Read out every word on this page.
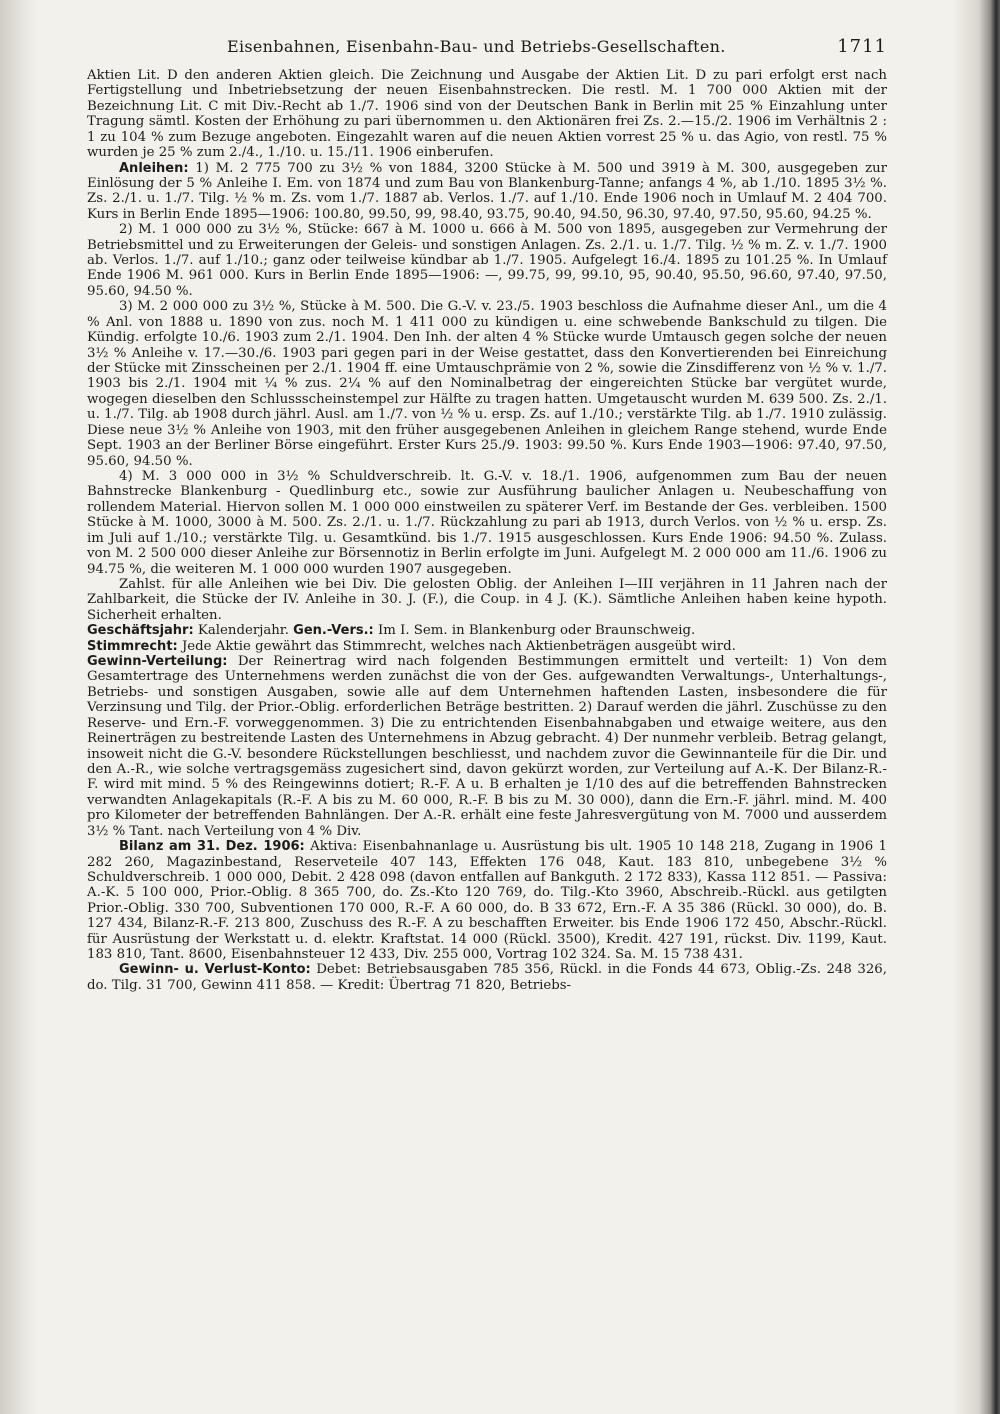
Eisenbahnen, Eisenbahn-Bau- und Betriebs-Gesellschaften.	1711

Aktien Lit. D den anderen Aktien gleich. Die Zeichnung und Ausgabe der Aktien Lit. D zu pari erfolgt erst nach Fertigstellung und Inbetriebsetzung der neuen Eisenbahnstrecken. Die restl. M. 1 700 000 Aktien mit der Bezeichnung Lit. C mit Div.-Recht ab 1./7. 1906 sind von der Deutschen Bank in Berlin mit 25 % Einzahlung unter Tragung sämtl. Kosten der Erhöhung zu pari übernommen u. den Aktionären frei Zs. 2.—15./2. 1906 im Verhältnis 2 : 1 zu 104 % zum Bezuge angeboten. Eingezahlt waren auf die neuen Aktien vorrest 25 % u. das Agio, von restl. 75 % wurden je 25 % zum 2./4., 1./10. u. 15./11. 1906 einberufen.

Anleihen: 1) M. 2 775 700 zu 3½ % von 1884, 3200 Stücke à M. 500 und 3919 à M. 300, ausgegeben zur Einlösung der 5 % Anleihe I. Em. von 1874 und zum Bau von Blankenburg-Tanne; anfangs 4 %, ab 1./10. 1895 3½ %. Zs. 2./1. u. 1./7. Tilg. ½ % m. Zs. vom 1./7. 1887 ab. Verlos. 1./7. auf 1./10. Ende 1906 noch in Umlauf M. 2 404 700. Kurs in Berlin Ende 1895—1906: 100.80, 99.50, 99, 98.40, 93.75, 90.40, 94.50, 96.30, 97.40, 97.50, 95.60, 94.25 %.

2) M. 1 000 000 zu 3½ %, Stücke: 667 à M. 1000 u. 666 à M. 500 von 1895, ausgegeben zur Vermehrung der Betriebsmittel und zu Erweiterungen der Geleis- und sonstigen Anlagen. Zs. 2./1. u. 1./7. Tilg. ½ % m. Z. v. 1./7. 1900 ab. Verlos. 1./7. auf 1./10.; ganz oder teilweise kündbar ab 1./7. 1905. Aufgelegt 16./4. 1895 zu 101.25 %. In Umlauf Ende 1906 M. 961 000. Kurs in Berlin Ende 1895—1906: —, 99.75, 99, 99.10, 95, 90.40, 95.50, 96.60, 97.40, 97.50, 95.60, 94.50 %.

3) M. 2 000 000 zu 3½ %, Stücke à M. 500. Die G.-V. v. 23./5. 1903 beschloss die Aufnahme dieser Anl., um die 4 % Anl. von 1888 u. 1890 von zus. noch M. 1 411 000 zu kündigen u. eine schwebende Bankschuld zu tilgen. Die Kündig. erfolgte 10./6. 1903 zum 2./1. 1904. Den Inh. der alten 4 % Stücke wurde Umtausch gegen solche der neuen 3½ % Anleihe v. 17.—30./6. 1903 pari gegen pari in der Weise gestattet, dass den Konvertierenden bei Einreichung der Stücke mit Zinsscheinen per 2./1. 1904 ff. eine Umtauschprämie von 2 %, sowie die Zinsdifferenz von ½ % v. 1./7. 1903 bis 2./1. 1904 mit ¼ % zus. 2¼ % auf den Nominalbetrag der eingereichten Stücke bar vergütet wurde, wogegen dieselben den Schlussscheinstempel zur Hälfte zu tragen hatten. Umgetauscht wurden M. 639 500. Zs. 2./1. u. 1./7. Tilg. ab 1908 durch jährl. Ausl. am 1./7. von ½ % u. ersp. Zs. auf 1./10.; verstärkte Tilg. ab 1./7. 1910 zulässig. Diese neue 3½ % Anleihe von 1903, mit den früher ausgegebenen Anleihen in gleichem Range stehend, wurde Ende Sept. 1903 an der Berliner Börse eingeführt. Erster Kurs 25./9. 1903: 99.50 %. Kurs Ende 1903—1906: 97.40, 97.50, 95.60, 94.50 %.

4) M. 3 000 000 in 3½ % Schuldverschreib. lt. G.-V. v. 18./1. 1906, aufgenommen zum Bau der neuen Bahnstrecke Blankenburg - Quedlinburg etc., sowie zur Ausführung baulicher Anlagen u. Neubeschaffung von rollendem Material. Hiervon sollen M. 1 000 000 einstweilen zu späterer Verf. im Bestande der Ges. verbleiben. 1500 Stücke à M. 1000, 3000 à M. 500. Zs. 2./1. u. 1./7. Rückzahlung zu pari ab 1913, durch Verlos. von ½ % u. ersp. Zs. im Juli auf 1./10.; verstärkte Tilg. u. Gesamtkünd. bis 1./7. 1915 ausgeschlossen. Kurs Ende 1906: 94.50 %. Zulass. von M. 2 500 000 dieser Anleihe zur Börsennotiz in Berlin erfolgte im Juni. Aufgelegt M. 2 000 000 am 11./6. 1906 zu 94.75 %, die weiteren M. 1 000 000 wurden 1907 ausgegeben.

Zahlst. für alle Anleihen wie bei Div. Die gelosten Oblig. der Anleihen I—III verjähren in 11 Jahren nach der Zahlbarkeit, die Stücke der IV. Anleihe in 30. J. (F.), die Coup. in 4 J. (K.). Sämtliche Anleihen haben keine hypoth. Sicherheit erhalten.

Geschäftsjahr: Kalenderjahr. Gen.-Vers.: Im I. Sem. in Blankenburg oder Braunschweig.

Stimmrecht: Jede Aktie gewährt das Stimmrecht, welches nach Aktienbeträgen ausgeübt wird.

Gewinn-Verteilung: Der Reinertrag wird nach folgenden Bestimmungen ermittelt und verteilt: 1) Von dem Gesamtertrage des Unternehmens werden zunächst die von der Ges. aufgewandten Verwaltungs-, Unterhaltungs-, Betriebs- und sonstigen Ausgaben, sowie alle auf dem Unternehmen haftenden Lasten, insbesondere die für Verzinsung und Tilg. der Prior.-Oblig. erforderlichen Beträge bestritten. 2) Darauf werden die jährl. Zuschüsse zu den Reserve- und Ern.-F. vorweggenommen. 3) Die zu entrichtenden Eisenbahnabgaben und etwaige weitere, aus den Reinerträgen zu bestreitende Lasten des Unternehmens in Abzug gebracht. 4) Der nunmehr verbleib. Betrag gelangt, insoweit nicht die G.-V. besondere Rückstellungen beschliesst, und nachdem zuvor die Gewinnanteile für die Dir. und den A.-R., wie solche vertragsgemäss zugesichert sind, davon gekürzt worden, zur Verteilung auf A.-K. Der Bilanz-R.-F. wird mit mind. 5 % des Reingewinns dotiert; R.-F. A u. B erhalten je 1/10 des auf die betreffenden Bahnstrecken verwandten Anlagekapitals (R.-F. A bis zu M. 60 000, R.-F. B bis zu M. 30 000), dann die Ern.-F. jährl. mind. M. 400 pro Kilometer der betreffenden Bahnlängen. Der A.-R. erhält eine feste Jahresvergütung von M. 7000 und ausserdem 3½ % Tant. nach Verteilung von 4 % Div.

Bilanz am 31. Dez. 1906: Aktiva: Eisenbahnanlage u. Ausrüstung bis ult. 1905 10 148 218, Zugang in 1906 1 282 260, Magazinbestand, Reserveteile 407 143, Effekten 176 048, Kaut. 183 810, unbegebene 3½ % Schuldverschreib. 1 000 000, Debit. 2 428 098 (davon entfallen auf Bankguth. 2 172 833), Kassa 112 851. — Passiva: A.-K. 5 100 000, Prior.-Oblig. 8 365 700, do. Zs.-Kto 120 769, do. Tilg.-Kto 3960, Abschreib.-Rückl. aus getilgten Prior.-Oblig. 330 700, Subventionen 170 000, R.-F. A 60 000, do. B 33 672, Ern.-F. A 35 386 (Rückl. 30 000), do. B. 127 434, Bilanz-R.-F. 213 800, Zuschuss des R.-F. A zu beschafften Erweiter. bis Ende 1906 172 450, Abschr.-Rückl. für Ausrüstung der Werkstatt u. d. elektr. Kraftstat. 14 000 (Rückl. 3500), Kredit. 427 191, rückst. Div. 1199, Kaut. 183 810, Tant. 8600, Eisenbahnsteuer 12 433, Div. 255 000, Vortrag 102 324. Sa. M. 15 738 431.

Gewinn- u. Verlust-Konto: Debet: Betriebsausgaben 785 356, Rückl. in die Fonds 44 673, Oblig.-Zs. 248 326, do. Tilg. 31 700, Gewinn 411 858. — Kredit: Übertrag 71 820, Betriebs-
